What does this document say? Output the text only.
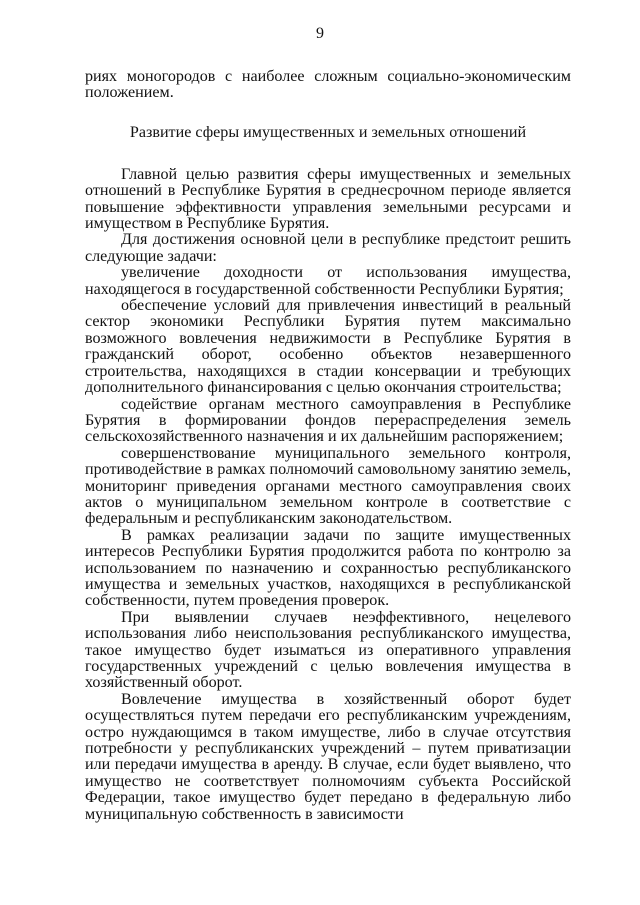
9

риях моногородов с наиболее сложным социально-экономическим положением.

Развитие сферы имущественных и земельных отношений

Главной целью развития сферы имущественных и земельных отношений в Республике Бурятия в среднесрочном периоде является повышение эффективности управления земельными ресурсами и имуществом в Республике Бурятия.

Для достижения основной цели в республике предстоит решить следующие задачи:

увеличение доходности от использования имущества, находящегося в государственной собственности Республики Бурятия;

обеспечение условий для привлечения инвестиций в реальный сектор экономики Республики Бурятия путем максимально возможного вовлечения недвижимости в Республике Бурятия в гражданский оборот, особенно объектов незавершенного строительства, находящихся в стадии консервации и требующих дополнительного финансирования с целью окончания строительства;

содействие органам местного самоуправления в Республике Бурятия в формировании фондов перераспределения земель сельскохозяйственного назначения и их дальнейшим распоряжением;

совершенствование муниципального земельного контроля, противодействие в рамках полномочий самовольному занятию земель, мониторинг приведения органами местного самоуправления своих актов о муниципальном земельном контроле в соответствие с федеральным и республиканским законодательством.

В рамках реализации задачи по защите имущественных интересов Республики Бурятия продолжится работа по контролю за использованием по назначению и сохранностью республиканского имущества и земельных участков, находящихся в республиканской собственности, путем проведения проверок.

При выявлении случаев неэффективного, нецелевого использования либо неиспользования республиканского имущества, такое имущество будет изыматься из оперативного управления государственных учреждений с целью вовлечения имущества в хозяйственный оборот.

Вовлечение имущества в хозяйственный оборот будет осуществляться путем передачи его республиканским учреждениям, остро нуждающимся в таком имуществе, либо в случае отсутствия потребности у республиканских учреждений – путем приватизации или передачи имущества в аренду. В случае, если будет выявлено, что имущество не соответствует полномочиям субъекта Российской Федерации, такое имущество будет передано в федеральную либо муниципальную собственность в зависимости
